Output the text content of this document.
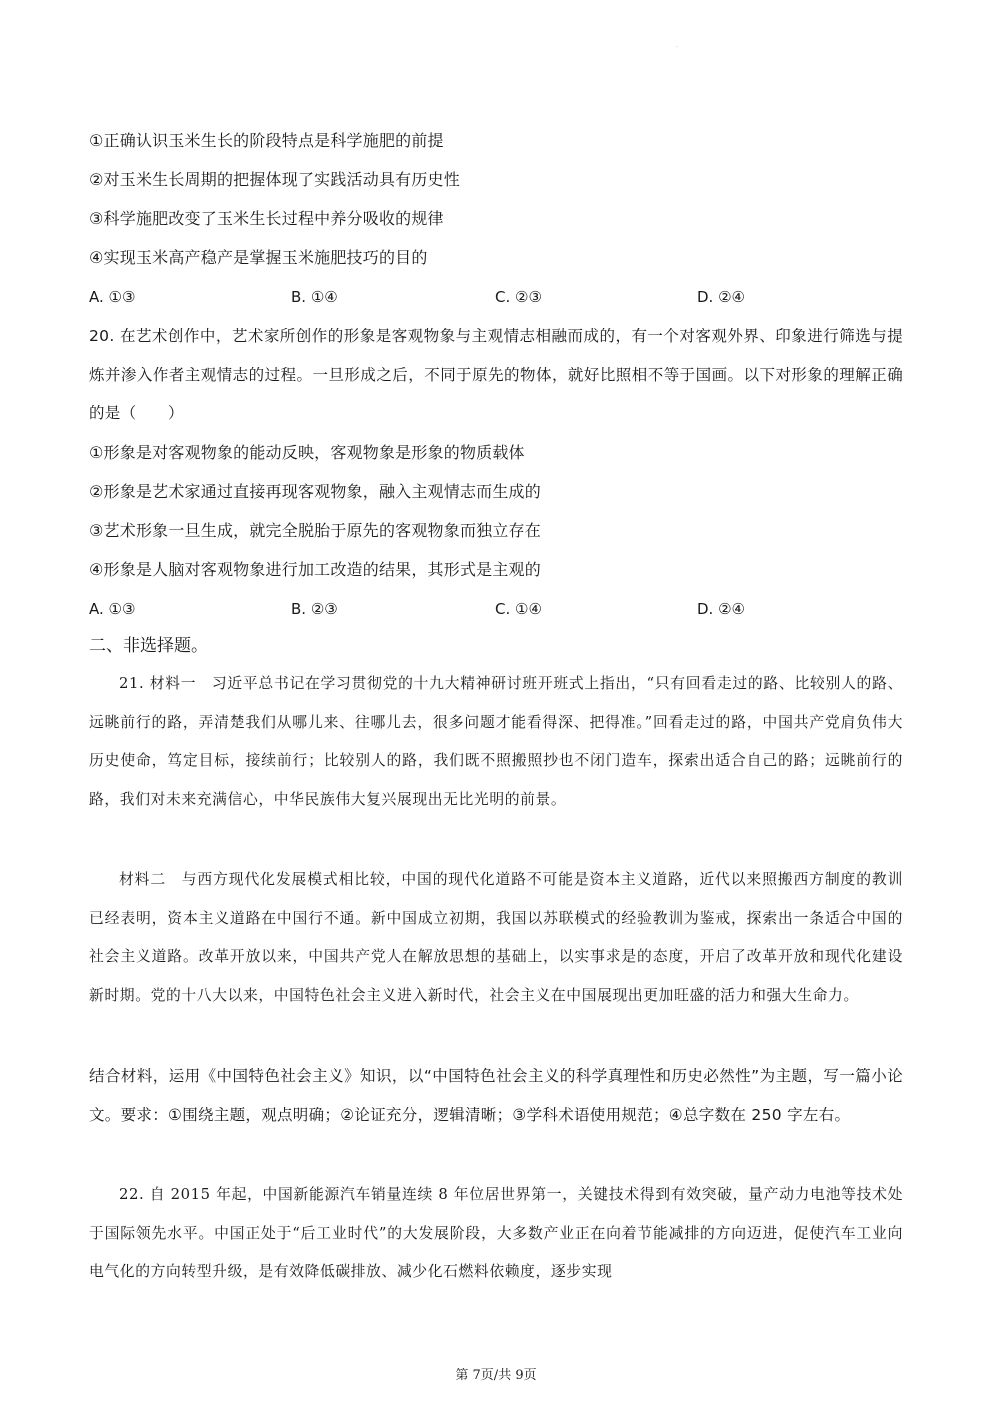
·
①正确认识玉米生长的阶段特点是科学施肥的前提
②对玉米生长周期的把握体现了实践活动具有历史性
③科学施肥改变了玉米生长过程中养分吸收的规律
④实现玉米高产稳产是掌握玉米施肥技巧的目的
A. ①③	B. ①④	C. ②③	D. ②④
20. 在艺术创作中，艺术家所创作的形象是客观物象与主观情志相融而成的，有一个对客观外界、印象进行筛选与提炼并渗入作者主观情志的过程。一旦形成之后，不同于原先的物体，就好比照相不等于国画。以下对形象的理解正确的是（　　）
①形象是对客观物象的能动反映，客观物象是形象的物质载体
②形象是艺术家通过直接再现客观物象，融入主观情志而生成的
③艺术形象一旦生成，就完全脱胎于原先的客观物象而独立存在
④形象是人脑对客观物象进行加工改造的结果，其形式是主观的
A. ①③	B. ②③	C. ①④	D. ②④
二、非选择题。
21. 材料一　习近平总书记在学习贯彻党的十九大精神研讨班开班式上指出，“只有回看走过的路、比较别人的路、远眺前行的路，弄清楚我们从哪儿来、往哪儿去，很多问题才能看得深、把得准。”回看走过的路，中国共产党肩负伟大历史使命，笃定目标，接续前行；比较别人的路，我们既不照搬照抄也不闭门造车，探索出适合自己的路；远眺前行的路，我们对未来充满信心，中华民族伟大复兴展现出无比光明的前景。
材料二　与西方现代化发展模式相比较，中国的现代化道路不可能是资本主义道路，近代以来照搬西方制度的教训已经表明，资本主义道路在中国行不通。新中国成立初期，我国以苏联模式的经验教训为鉴戒，探索出一条适合中国的社会主义道路。改革开放以来，中国共产党人在解放思想的基础上，以实事求是的态度，开启了改革开放和现代化建设新时期。党的十八大以来，中国特色社会主义进入新时代，社会主义在中国展现出更加旺盛的活力和强大生命力。
结合材料，运用《中国特色社会主义》知识，以“中国特色社会主义的科学真理性和历史必然性”为主题，写一篇小论文。要求：①围绕主题，观点明确；②论证充分，逻辑清晰；③学科术语使用规范；④总字数在 250 字左右。
22. 自 2015 年起，中国新能源汽车销量连续 8 年位居世界第一，关键技术得到有效突破，量产动力电池等技术处于国际领先水平。中国正处于“后工业时代”的大发展阶段，大多数产业正在向着节能减排的方向迈进，促使汽车工业向电气化的方向转型升级，是有效降低碳排放、减少化石燃料依赖度，逐步实现
第 7页/共 9页
